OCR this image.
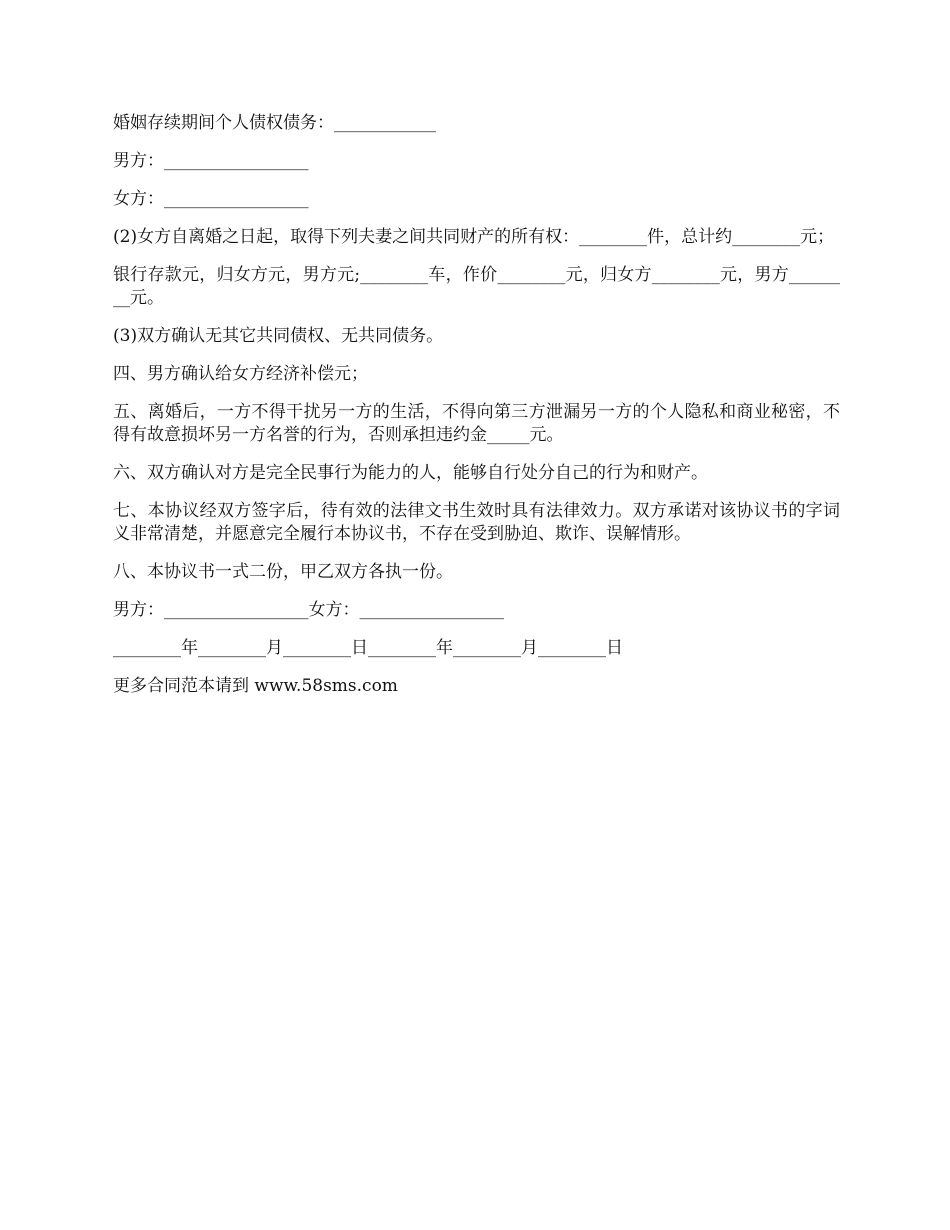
婚姻存续期间个人债权债务：____________

男方：_________________

女方：_________________

(2)女方自离婚之日起，取得下列夫妻之间共同财产的所有权：________件，总计约________元；

银行存款元，归女方元，男方元;________车，作价________元，归女方________元，男方________元。

(3)双方确认无其它共同债权、无共同债务。

四、男方确认给女方经济补偿元；

五、离婚后，一方不得干扰另一方的生活，不得向第三方泄漏另一方的个人隐私和商业秘密，不得有故意损坏另一方名誉的行为，否则承担违约金_____元。

六、双方确认对方是完全民事行为能力的人，能够自行处分自己的行为和财产。

七、本协议经双方签字后，待有效的法律文书生效时具有法律效力。双方承诺对该协议书的字词义非常清楚，并愿意完全履行本协议书，不存在受到胁迫、欺诈、误解情形。

八、本协议书一式二份，甲乙双方各执一份。

男方：_________________女方：_________________

________年________月________日________年________月________日

更多合同范本请到 www.58sms.com
